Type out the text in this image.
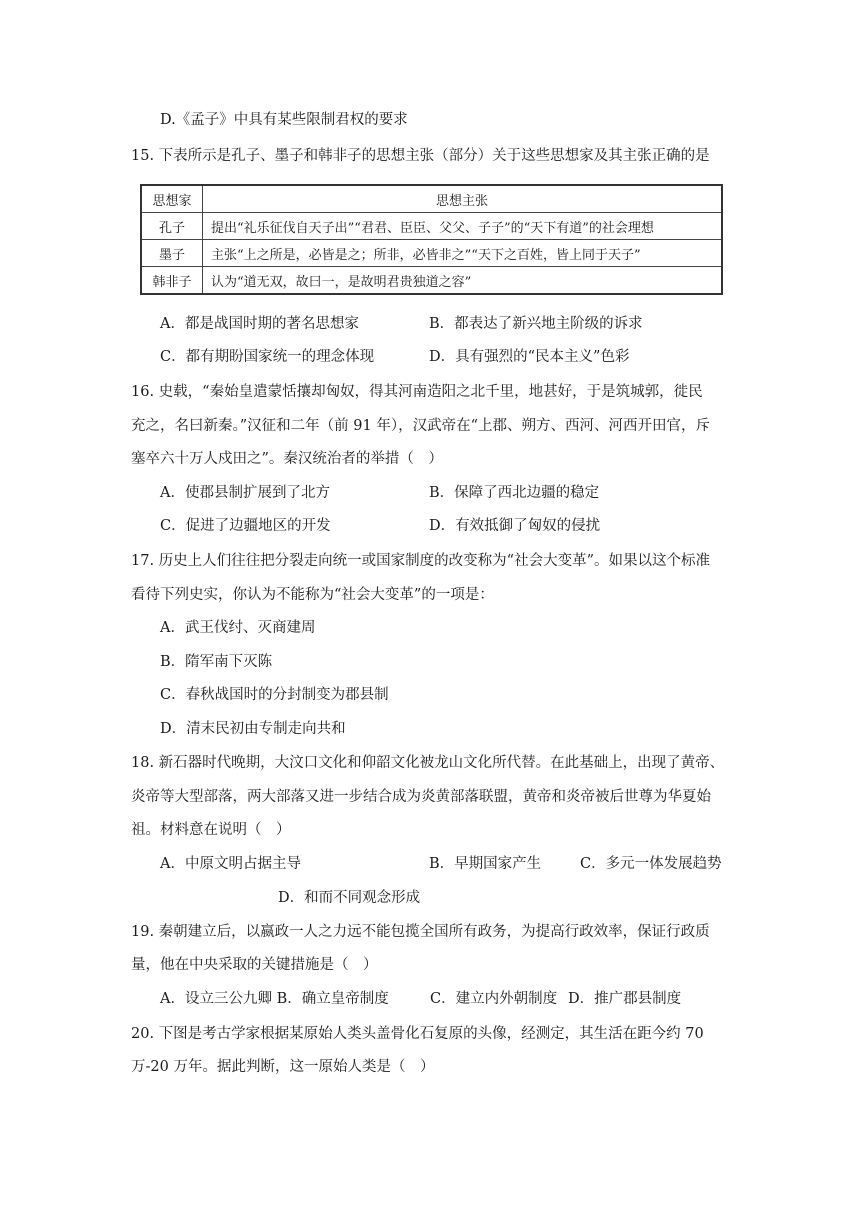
D.《孟子》中具有某些限制君权的要求
15. 下表所示是孔子、墨子和韩非子的思想主张（部分）关于这些思想家及其主张正确的是
思想家	思想主张
孔子	提出“礼乐征伐自天子出”“君君、臣臣、父父、子子”的“天下有道”的社会理想
墨子	主张“上之所是，必皆是之；所非，必皆非之”“天下之百姓，皆上同于天子”
韩非子	认为“道无双，故曰一，是故明君贵独道之容”
A．都是战国时期的著名思想家	B．都表达了新兴地主阶级的诉求
C．都有期盼国家统一的理念体现	D．具有强烈的“民本主义”色彩
16. 史载，“秦始皇遣蒙恬攘却匈奴，得其河南造阳之北千里，地甚好，于是筑城郭，徙民
充之，名曰新秦。”汉征和二年（前 91 年），汉武帝在“上郡、朔方、西河、河西开田官，斥
塞卒六十万人戍田之”。秦汉统治者的举措（　）
A．使郡县制扩展到了北方	B．保障了西北边疆的稳定
C．促进了边疆地区的开发	D．有效抵御了匈奴的侵扰
17. 历史上人们往往把分裂走向统一或国家制度的改变称为“社会大变革”。如果以这个标准
看待下列史实，你认为不能称为“社会大变革”的一项是：
A．武王伐纣、灭商建周
B．隋军南下灭陈
C．春秋战国时的分封制变为郡县制
D．清末民初由专制走向共和
18. 新石器时代晚期，大汶口文化和仰韶文化被龙山文化所代替。在此基础上，出现了黄帝、
炎帝等大型部落，两大部落又进一步结合成为炎黄部落联盟，黄帝和炎帝被后世尊为华夏始
祖。材料意在说明（　）
A．中原文明占据主导	B．早期国家产生	C．多元一体发展趋势
D．和而不同观念形成
19. 秦朝建立后，以嬴政一人之力远不能包揽全国所有政务，为提高行政效率，保证行政质
量，他在中央采取的关键措施是（　）
A．设立三公九卿 B．确立皇帝制度	C．建立内外朝制度 D．推广郡县制度
20. 下图是考古学家根据某原始人类头盖骨化石复原的头像，经测定，其生活在距今约 70
万-20 万年。据此判断，这一原始人类是（　）
